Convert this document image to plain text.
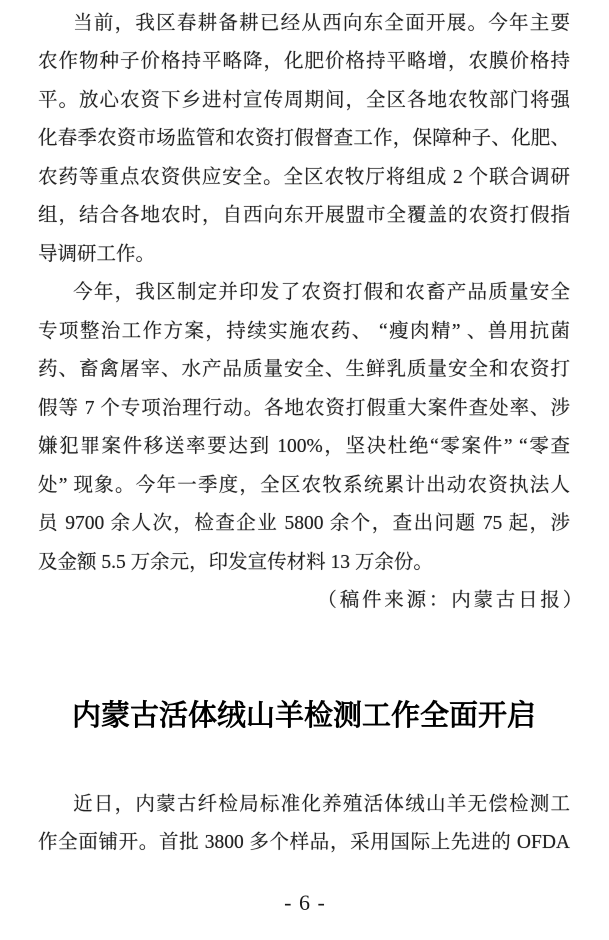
当前，我区春耕备耕已经从西向东全面开展。今年主要
农作物种子价格持平略降，化肥价格持平略增，农膜价格持
平。放心农资下乡进村宣传周期间，全区各地农牧部门将强
化春季农资市场监管和农资打假督查工作，保障种子、化肥、
农药等重点农资供应安全。全区农牧厅将组成 2 个联合调研
组，结合各地农时，自西向东开展盟市全覆盖的农资打假指
导调研工作。
今年，我区制定并印发了农资打假和农畜产品质量安全
专项整治工作方案，持续实施农药、 “瘦肉精” 、兽用抗菌
药、畜禽屠宰、水产品质量安全、生鲜乳质量安全和农资打
假等 7 个专项治理行动。各地农资打假重大案件查处率、涉
嫌犯罪案件移送率要达到 100%，坚决杜绝“零案件” “零查
处” 现象。今年一季度，全区农牧系统累计出动农资执法人
员 9700 余人次，检查企业 5800 余个，查出问题 75 起，涉
及金额 5.5 万余元，印发宣传材料 13 万余份。
（稿件来源：内蒙古日报）
内蒙古活体绒山羊检测工作全面开启
近日，内蒙古纤检局标准化养殖活体绒山羊无偿检测工
作全面铺开。首批 3800 多个样品，采用国际上先进的 OFDA
- 6 -
